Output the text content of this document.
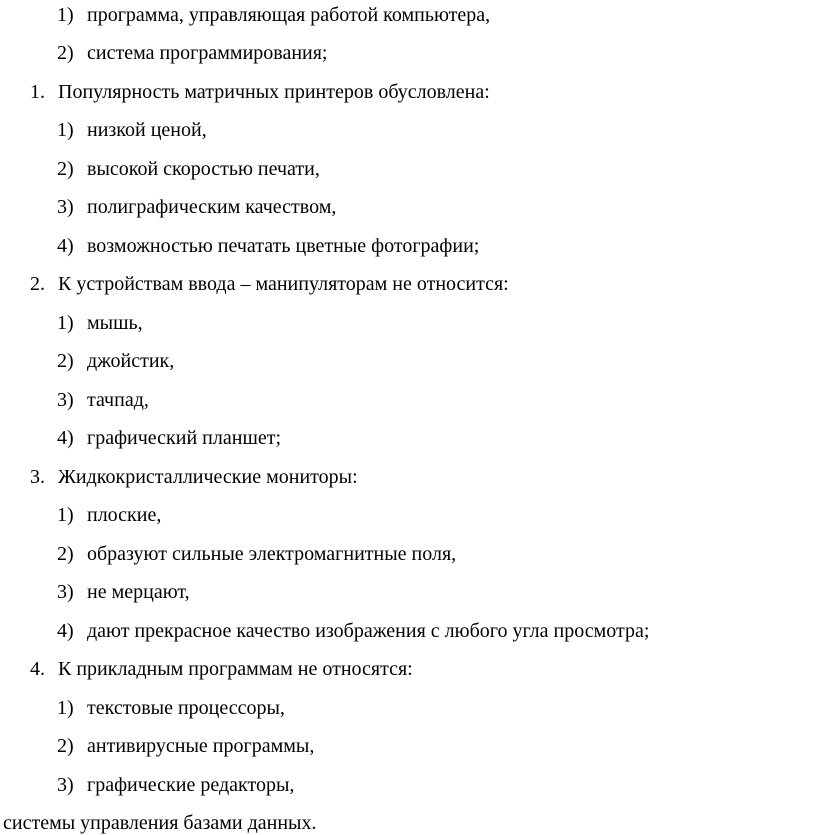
1) программа, управляющая работой компьютера,
2) система программирования;
1. Популярность матричных принтеров обусловлена:
1) низкой ценой,
2) высокой скоростью печати,
3) полиграфическим качеством,
4) возможностью печатать цветные фотографии;
2. К устройствам ввода – манипуляторам не относится:
1) мышь,
2) джойстик,
3) тачпад,
4) графический планшет;
3. Жидкокристаллические мониторы:
1) плоские,
2) образуют сильные электромагнитные поля,
3) не мерцают,
4) дают прекрасное качество изображения с любого угла просмотра;
4. К прикладным программам не относятся:
1) текстовые процессоры,
2) антивирусные программы,
3) графические редакторы,
системы управления базами данных.
